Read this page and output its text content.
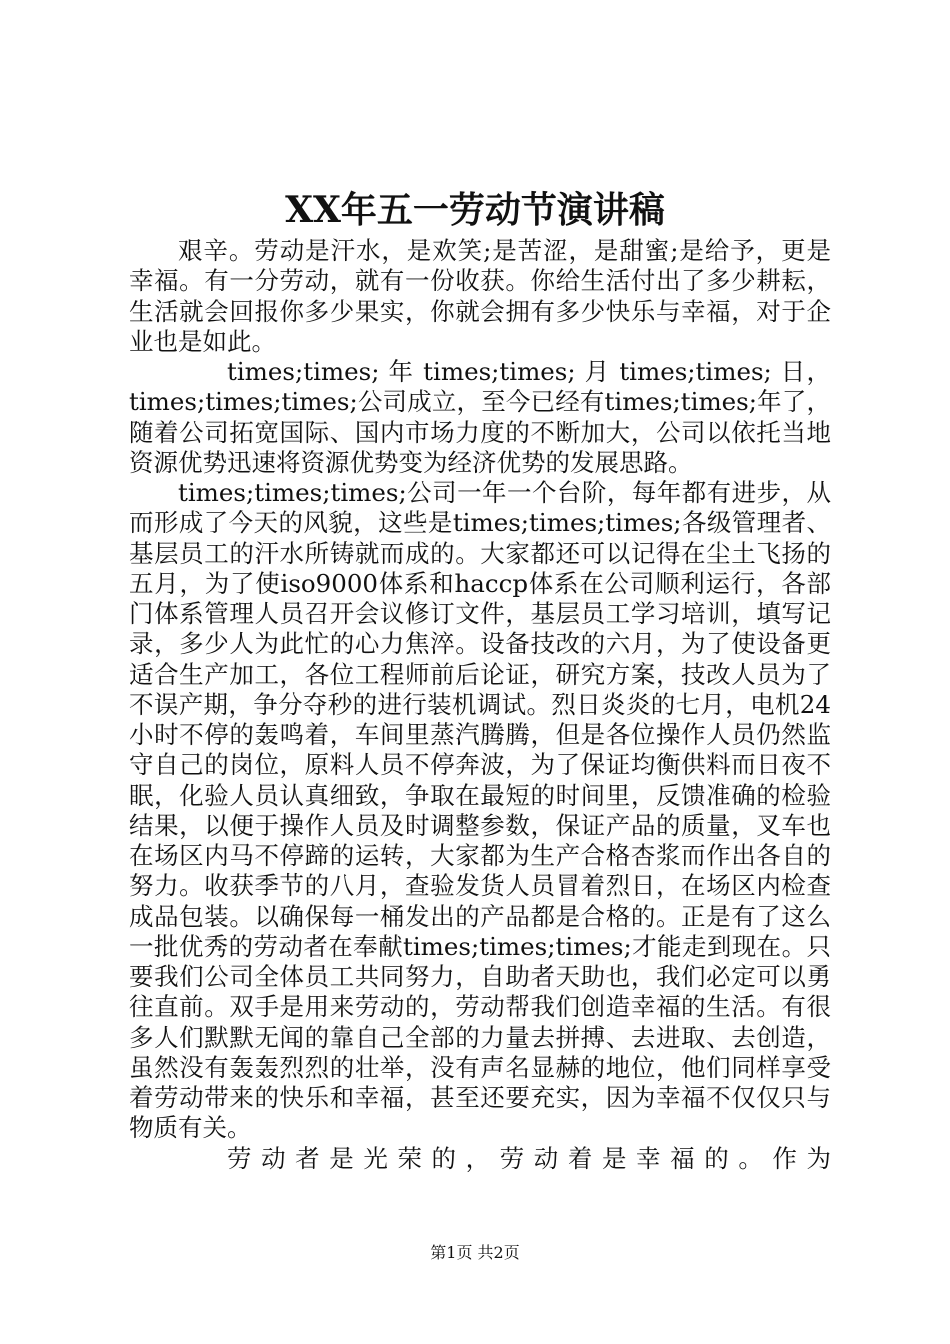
XX年五一劳动节演讲稿

艰辛。劳动是汗水，是欢笑;是苦涩，是甜蜜;是给予，更是幸福。有一分劳动，就有一份收获。你给生活付出了多少耕耘，生活就会回报你多少果实，你就会拥有多少快乐与幸福，对于企业也是如此。

times;times; 年 times;times; 月 times;times; 日，times;times;times;公司成立，至今已经有times;times;年了，随着公司拓宽国际、国内市场力度的不断加大，公司以依托当地资源优势迅速将资源优势变为经济优势的发展思路。

times;times;times;公司一年一个台阶，每年都有进步，从而形成了今天的风貌，这些是times;times;times;各级管理者、基层员工的汗水所铸就而成的。大家都还可以记得在尘土飞扬的五月，为了使iso9000体系和haccp体系在公司顺利运行，各部门体系管理人员召开会议修订文件，基层员工学习培训，填写记录，多少人为此忙的心力焦淬。设备技改的六月，为了使设备更适合生产加工，各位工程师前后论证，研究方案，技改人员为了不误产期，争分夺秒的进行装机调试。烈日炎炎的七月，电机24小时不停的轰鸣着，车间里蒸汽腾腾，但是各位操作人员仍然监守自己的岗位，原料人员不停奔波，为了保证均衡供料而日夜不眠，化验人员认真细致，争取在最短的时间里，反馈准确的检验结果，以便于操作人员及时调整参数，保证产品的质量，叉车也在场区内马不停蹄的运转，大家都为生产合格杏浆而作出各自的努力。收获季节的八月，查验发货人员冒着烈日，在场区内检查成品包装。以确保每一桶发出的产品都是合格的。正是有了这么一批优秀的劳动者在奉献times;times;times;才能走到现在。只要我们公司全体员工共同努力，自助者天助也，我们必定可以勇往直前。双手是用来劳动的，劳动帮我们创造幸福的生活。有很多人们默默无闻的靠自己全部的力量去拼搏、去进取、去创造，虽然没有轰轰烈烈的壮举，没有声名显赫的地位，他们同样享受着劳动带来的快乐和幸福，甚至还要充实，因为幸福不仅仅只与物质有关。

劳动者是光荣的，劳动着是幸福的。作为

第1页 共2页
